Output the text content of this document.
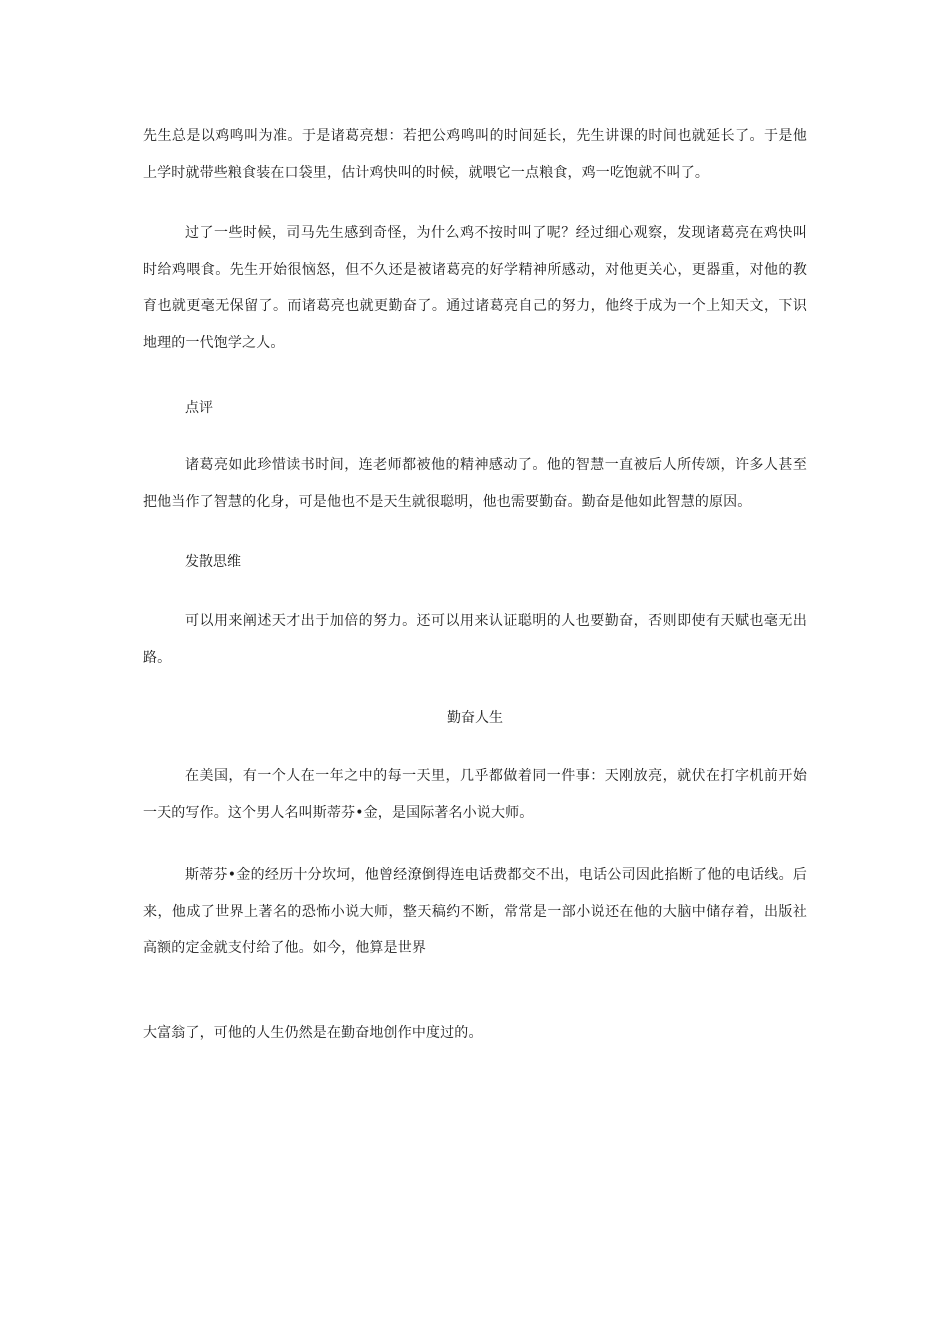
先生总是以鸡鸣叫为准。于是诸葛亮想：若把公鸡鸣叫的时间延长，先生讲课的时间也就延长了。于是他上学时就带些粮食装在口袋里，估计鸡快叫的时候，就喂它一点粮食，鸡一吃饱就不叫了。

过了一些时候，司马先生感到奇怪，为什么鸡不按时叫了呢？经过细心观察，发现诸葛亮在鸡快叫时给鸡喂食。先生开始很恼怒，但不久还是被诸葛亮的好学精神所感动，对他更关心，更器重，对他的教育也就更毫无保留了。而诸葛亮也就更勤奋了。通过诸葛亮自己的努力，他终于成为一个上知天文，下识地理的一代饱学之人。

点评

诸葛亮如此珍惜读书时间，连老师都被他的精神感动了。他的智慧一直被后人所传颂，许多人甚至把他当作了智慧的化身，可是他也不是天生就很聪明，他也需要勤奋。勤奋是他如此智慧的原因。

发散思维

可以用来阐述天才出于加倍的努力。还可以用来认证聪明的人也要勤奋，否则即使有天赋也毫无出路。

勤奋人生

在美国，有一个人在一年之中的每一天里，几乎都做着同一件事：天刚放亮，就伏在打字机前开始一天的写作。这个男人名叫斯蒂芬•金，是国际著名小说大师。

斯蒂芬•金的经历十分坎坷，他曾经潦倒得连电话费都交不出，电话公司因此掐断了他的电话线。后来，他成了世界上著名的恐怖小说大师，整天稿约不断，常常是一部小说还在他的大脑中储存着，出版社高额的定金就支付给了他。如今，他算是世界

大富翁了，可他的人生仍然是在勤奋地创作中度过的。
